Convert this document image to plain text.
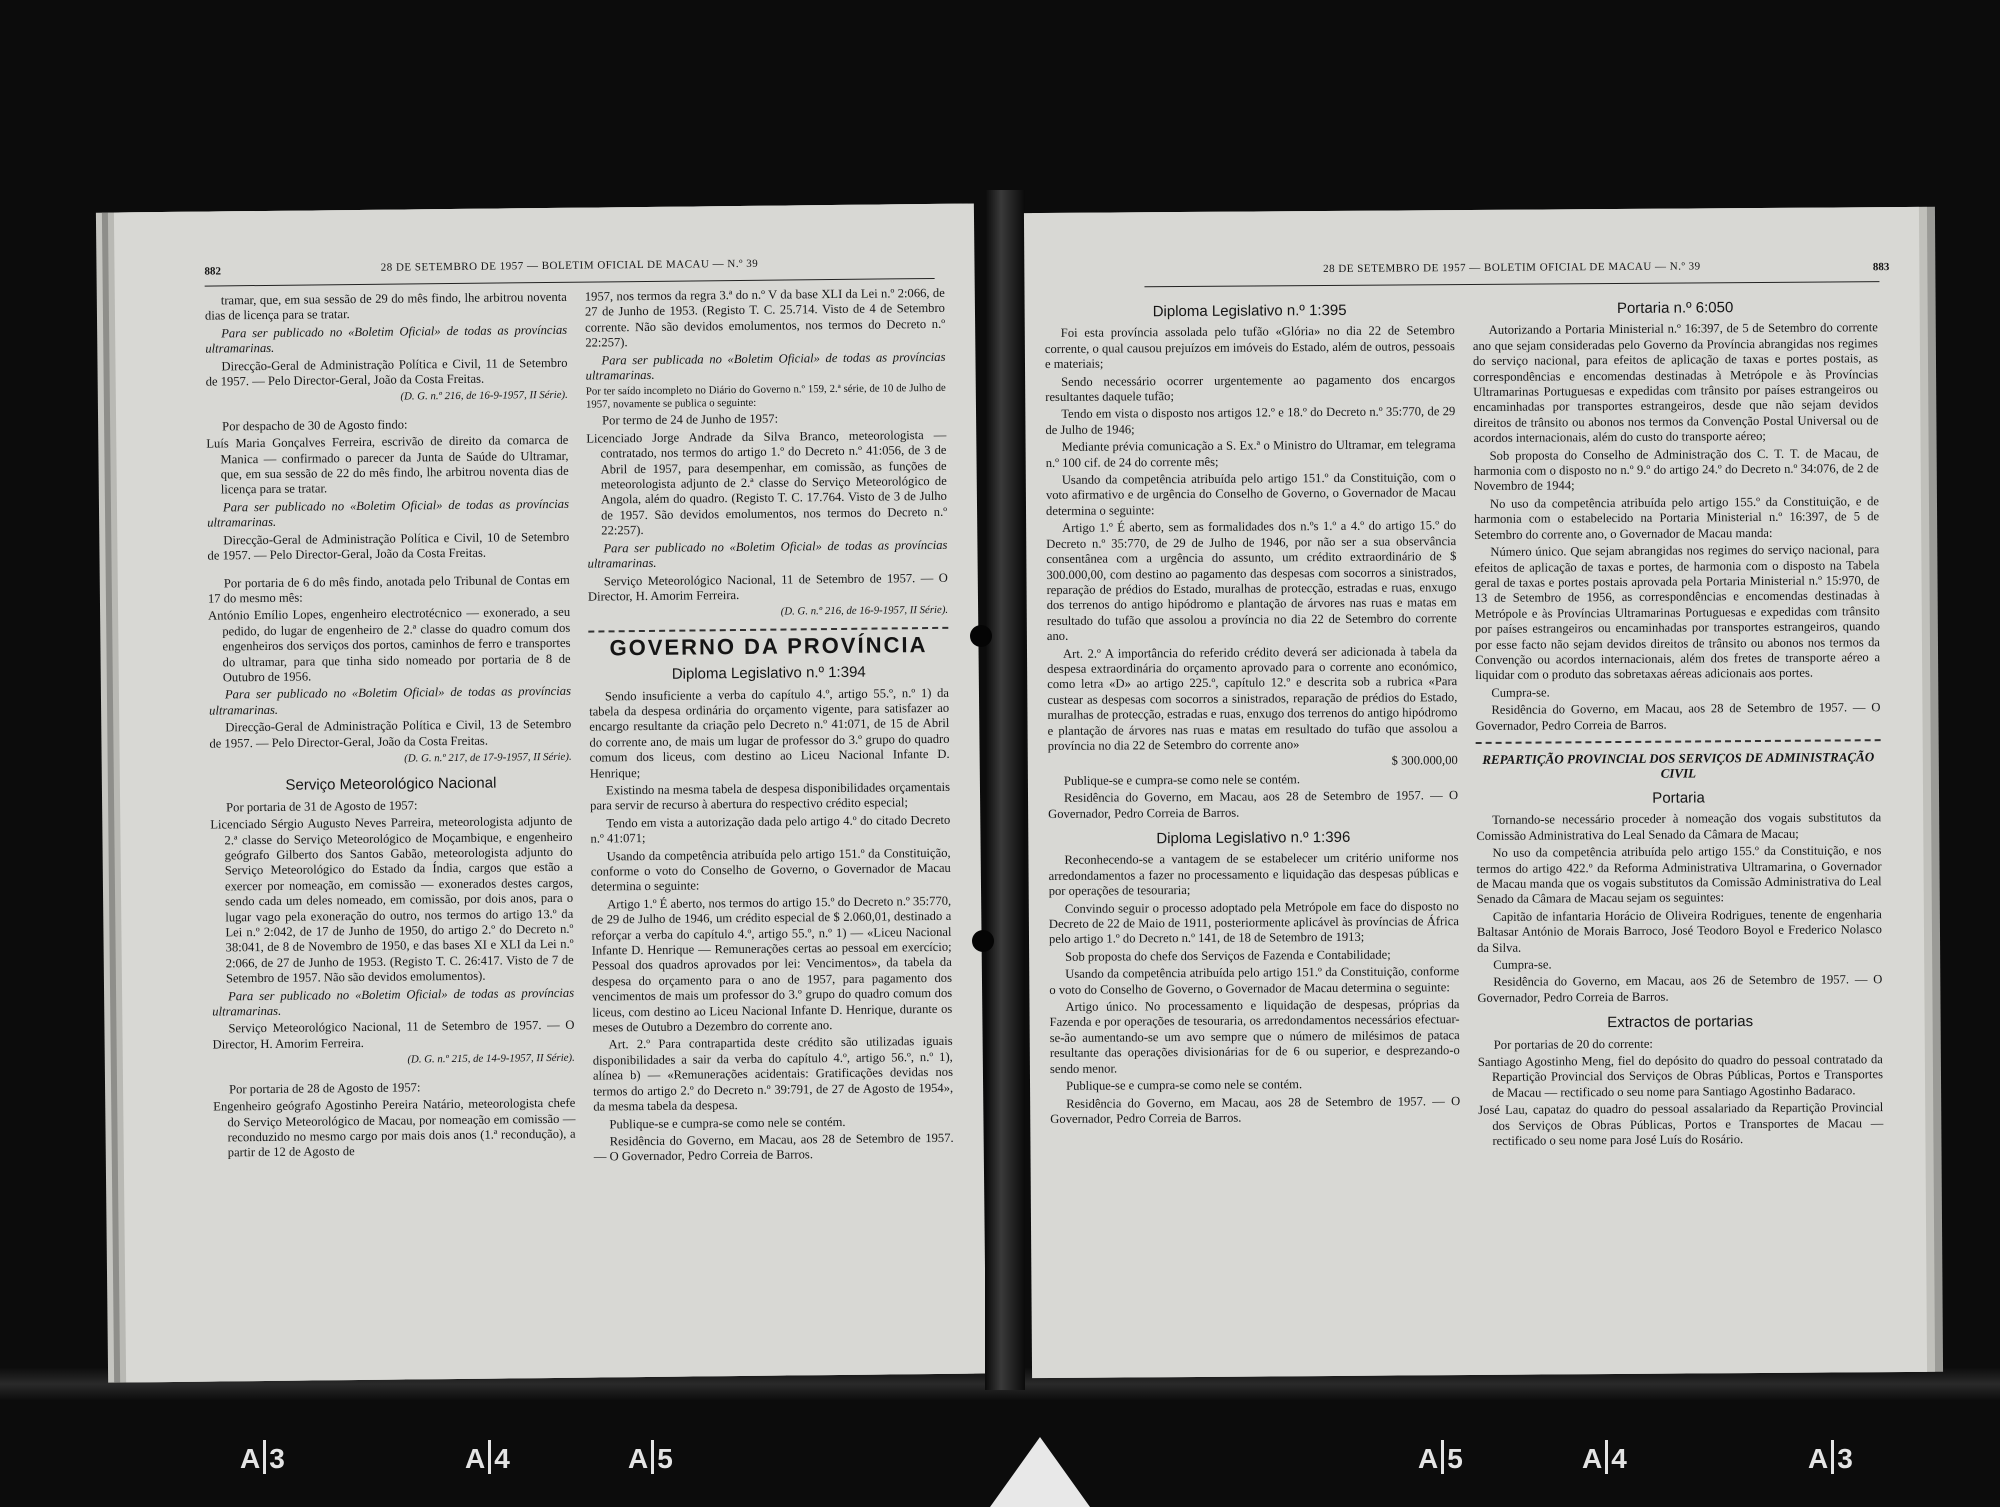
882	28 DE SETEMBRO DE 1957 — BOLETIM OFICIAL DE MACAU — N.º 39

tramar, que, em sua sessão de 29 do mês findo, lhe arbitrou noventa dias de licença para se tratar.

Para ser publicado no «Boletim Oficial» de todas as províncias ultramarinas.

Direcção-Geral de Administração Política e Civil, 11 de Setembro de 1957. — Pelo Director-Geral, João da Costa Freitas.

(D. G. n.º 216, de 16-9-1957, II Série).

Por despacho de 30 de Agosto findo:

Luís Maria Gonçalves Ferreira, escrivão de direito da comarca de Manica — confirmado o parecer da Junta de Saúde do Ultramar, que, em sua sessão de 22 do mês findo, lhe arbitrou noventa dias de licença para se tratar.

Para ser publicado no «Boletim Oficial» de todas as províncias ultramarinas.

Direcção-Geral de Administração Política e Civil, 10 de Setembro de 1957. — Pelo Director-Geral, João da Costa Freitas.

Por portaria de 6 do mês findo, anotada pelo Tribunal de Contas em 17 do mesmo mês:

António Emílio Lopes, engenheiro electrotécnico — exonerado, a seu pedido, do lugar de engenheiro de 2.ª classe do quadro comum dos engenheiros dos serviços dos portos, caminhos de ferro e transportes do ultramar, para que tinha sido nomeado por portaria de 8 de Outubro de 1956.

Para ser publicado no «Boletim Oficial» de todas as províncias ultramarinas.

Direcção-Geral de Administração Política e Civil, 13 de Setembro de 1957. — Pelo Director-Geral, João da Costa Freitas.

(D. G. n.º 217, de 17-9-1957, II Série).

Serviço Meteorológico Nacional

Por portaria de 31 de Agosto de 1957:

Licenciado Sérgio Augusto Neves Parreira, meteorologista adjunto de 2.ª classe do Serviço Meteorológico de Moçambique, e engenheiro geógrafo Gilberto dos Santos Gabão, meteorologista adjunto do Serviço Meteorológico do Estado da Índia, cargos que estão a exercer por nomeação, em comissão — exonerados destes cargos, sendo cada um deles nomeado, em comissão, por dois anos, para o lugar vago pela exoneração do outro, nos termos do artigo 13.º da Lei n.º 2:042, de 17 de Junho de 1950, do artigo 2.º do Decreto n.º 38:041, de 8 de Novembro de 1950, e das bases XI e XLI da Lei n.º 2:066, de 27 de Junho de 1953. (Registo T. C. 26:417. Visto de 7 de Setembro de 1957. Não são devidos emolumentos).

Para ser publicado no «Boletim Oficial» de todas as províncias ultramarinas.

Serviço Meteorológico Nacional, 11 de Setembro de 1957. — O Director, H. Amorim Ferreira.

(D. G. n.º 215, de 14-9-1957, II Série).

Por portaria de 28 de Agosto de 1957:

Engenheiro geógrafo Agostinho Pereira Natário, meteorologista chefe do Serviço Meteorológico de Macau, por nomeação em comissão — reconduzido no mesmo cargo por mais dois anos (1.ª recondução), a partir de 12 de Agosto de

1957, nos termos da regra 3.ª do n.º V da base XLI da Lei n.º 2:066, de 27 de Junho de 1953. (Registo T. C. 25.714. Visto de 4 de Setembro corrente. Não são devidos emolumentos, nos termos do Decreto n.º 22:257).

Para ser publicada no «Boletim Oficial» de todas as províncias ultramarinas.

Por ter saído incompleto no Diário do Governo n.º 159, 2.ª série, de 10 de Julho de 1957, novamente se publica o seguinte:

Por termo de 24 de Junho de 1957:

Licenciado Jorge Andrade da Silva Branco, meteorologista — contratado, nos termos do artigo 1.º do Decreto n.º 41:056, de 3 de Abril de 1957, para desempenhar, em comissão, as funções de meteorologista adjunto de 2.ª classe do Serviço Meteorológico de Angola, além do quadro. (Registo T. C. 17.764. Visto de 3 de Julho de 1957. São devidos emolumentos, nos termos do Decreto n.º 22:257).

Para ser publicado no «Boletim Oficial» de todas as províncias ultramarinas.

Serviço Meteorológico Nacional, 11 de Setembro de 1957. — O Director, H. Amorim Ferreira.

(D. G. n.º 216, de 16-9-1957, II Série).

GOVERNO DA PROVÍNCIA
Diploma Legislativo n.º 1:394

Sendo insuficiente a verba do capítulo 4.º, artigo 55.º, n.º 1) da tabela da despesa ordinária do orçamento vigente, para satisfazer ao encargo resultante da criação pelo Decreto n.º 41:071, de 15 de Abril do corrente ano, de mais um lugar de professor do 3.º grupo do quadro comum dos liceus, com destino ao Liceu Nacional Infante D. Henrique;

Existindo na mesma tabela de despesa disponibilidades orçamentais para servir de recurso à abertura do respectivo crédito especial;

Tendo em vista a autorização dada pelo artigo 4.º do citado Decreto n.º 41:071;

Usando da competência atribuída pelo artigo 151.º da Constituição, conforme o voto do Conselho de Governo, o Governador de Macau determina o seguinte:

Artigo 1.º É aberto, nos termos do artigo 15.º do Decreto n.º 35:770, de 29 de Julho de 1946, um crédito especial de $ 2.060,01, destinado a reforçar a verba do capítulo 4.º, artigo 55.º, n.º 1) — «Liceu Nacional Infante D. Henrique — Remunerações certas ao pessoal em exercício; Pessoal dos quadros aprovados por lei: Vencimentos», da tabela da despesa do orçamento para o ano de 1957, para pagamento dos vencimentos de mais um professor do 3.º grupo do quadro comum dos liceus, com destino ao Liceu Nacional Infante D. Henrique, durante os meses de Outubro a Dezembro do corrente ano.

Art. 2.º Para contrapartida deste crédito são utilizadas iguais disponibilidades a sair da verba do capítulo 4.º, artigo 56.º, n.º 1), alínea b) — «Remunerações acidentais: Gratificações devidas nos termos do artigo 2.º do Decreto n.º 39:791, de 27 de Agosto de 1954», da mesma tabela da despesa.

Publique-se e cumpra-se como nele se contém.

Residência do Governo, em Macau, aos 28 de Setembro de 1957. — O Governador, Pedro Correia de Barros.

883
28 DE SETEMBRO DE 1957 — BOLETIM OFICIAL DE MACAU — N.º 39
Diploma Legislativo n.º 1:395

Foi esta província assolada pelo tufão «Glória» no dia 22 de Setembro corrente, o qual causou prejuízos em imóveis do Estado, além de outros, pessoais e materiais;

Sendo necessário ocorrer urgentemente ao pagamento dos encargos resultantes daquele tufão;

Tendo em vista o disposto nos artigos 12.º e 18.º do Decreto n.º 35:770, de 29 de Julho de 1946;

Mediante prévia comunicação a S. Ex.ª o Ministro do Ultramar, em telegrama n.º 100 cif. de 24 do corrente mês;

Usando da competência atribuída pelo artigo 151.º da Constituição, com o voto afirmativo e de urgência do Conselho de Governo, o Governador de Macau determina o seguinte:

Artigo 1.º É aberto, sem as formalidades dos n.ºs 1.º a 4.º do artigo 15.º do Decreto n.º 35:770, de 29 de Julho de 1946, por não ser a sua observância consentânea com a urgência do assunto, um crédito extraordinário de $ 300.000,00, com destino ao pagamento das despesas com socorros a sinistrados, reparação de prédios do Estado, muralhas de protecção, estradas e ruas, enxugo dos terrenos do antigo hipódromo e plantação de árvores nas ruas e matas em resultado do tufão que assolou a província no dia 22 de Setembro do corrente ano.

Art. 2.º A importância do referido crédito deverá ser adicionada à tabela da despesa extraordinária do orçamento aprovado para o corrente ano económico, como letra «D» ao artigo 225.º, capítulo 12.º e descrita sob a rubrica «Para custear as despesas com socorros a sinistrados, reparação de prédios do Estado, muralhas de protecção, estradas e ruas, enxugo dos terrenos do antigo hipódromo e plantação de árvores nas ruas e matas em resultado do tufão que assolou a província no dia 22 de Setembro do corrente ano»

$ 300.000,00

Publique-se e cumpra-se como nele se contém.

Residência do Governo, em Macau, aos 28 de Setembro de 1957. — O Governador, Pedro Correia de Barros.

Diploma Legislativo n.º 1:396

Reconhecendo-se a vantagem de se estabelecer um critério uniforme nos arredondamentos a fazer no processamento e liquidação das despesas públicas e por operações de tesouraria;

Convindo seguir o processo adoptado pela Metrópole em face do disposto no Decreto de 22 de Maio de 1911, posteriormente aplicável às províncias de África pelo artigo 1.º do Decreto n.º 141, de 18 de Setembro de 1913;

Sob proposta do chefe dos Serviços de Fazenda e Contabilidade;

Usando da competência atribuída pelo artigo 151.º da Constituição, conforme o voto do Conselho de Governo, o Governador de Macau determina o seguinte:

Artigo único. No processamento e liquidação de despesas, próprias da Fazenda e por operações de tesouraria, os arredondamentos necessários efectuar-se-ão aumentando-se um avo sempre que o número de milésimos de pataca resultante das operações divisionárias for de 6 ou superior, e desprezando-o sendo menor.

Publique-se e cumpra-se como nele se contém.

Residência do Governo, em Macau, aos 28 de Setembro de 1957. — O Governador, Pedro Correia de Barros.

Portaria n.º 6:050

Autorizando a Portaria Ministerial n.º 16:397, de 5 de Setembro do corrente ano que sejam consideradas pelo Governo da Província abrangidas nos regimes do serviço nacional, para efeitos de aplicação de taxas e portes postais, as correspondências e encomendas destinadas à Metrópole e às Províncias Ultramarinas Portuguesas e expedidas com trânsito por países estrangeiros ou encaminhadas por transportes estrangeiros, desde que não sejam devidos direitos de trânsito ou abonos nos termos da Convenção Postal Universal ou de acordos internacionais, além do custo do transporte aéreo;

Sob proposta do Conselho de Administração dos C. T. T. de Macau, de harmonia com o disposto no n.º 9.º do artigo 24.º do Decreto n.º 34:076, de 2 de Novembro de 1944;

No uso da competência atribuída pelo artigo 155.º da Constituição, e de harmonia com o estabelecido na Portaria Ministerial n.º 16:397, de 5 de Setembro do corrente ano, o Governador de Macau manda:

Número único. Que sejam abrangidas nos regimes do serviço nacional, para efeitos de aplicação de taxas e portes, de harmonia com o disposto na Tabela geral de taxas e portes postais aprovada pela Portaria Ministerial n.º 15:970, de 13 de Setembro de 1956, as correspondências e encomendas destinadas à Metrópole e às Províncias Ultramarinas Portuguesas e expedidas com trânsito por países estrangeiros ou encaminhadas por transportes estrangeiros, quando por esse facto não sejam devidos direitos de trânsito ou abonos nos termos da Convenção ou acordos internacionais, além dos fretes de transporte aéreo a liquidar com o produto das sobretaxas aéreas adicionais aos portes.

Cumpra-se.

Residência do Governo, em Macau, aos 28 de Setembro de 1957. — O Governador, Pedro Correia de Barros.

REPARTIÇÃO PROVINCIAL DOS SERVIÇOS DE ADMINISTRAÇÃO CIVIL
Portaria

Tornando-se necessário proceder à nomeação dos vogais substitutos da Comissão Administrativa do Leal Senado da Câmara de Macau;

No uso da competência atribuída pelo artigo 155.º da Constituição, e nos termos do artigo 422.º da Reforma Administrativa Ultramarina, o Governador de Macau manda que os vogais substitutos da Comissão Administrativa do Leal Senado da Câmara de Macau sejam os seguintes:

Capitão de infantaria Horácio de Oliveira Rodrigues, tenente de engenharia Baltasar António de Morais Barroco, José Teodoro Boyol e Frederico Nolasco da Silva.

Cumpra-se.

Residência do Governo, em Macau, aos 26 de Setembro de 1957. — O Governador, Pedro Correia de Barros.

Extractos de portarias

Por portarias de 20 do corrente:

Santiago Agostinho Meng, fiel do depósito do quadro do pessoal contratado da Repartição Provincial dos Serviços de Obras Públicas, Portos e Transportes de Macau — rectificado o seu nome para Santiago Agostinho Badaraco.

José Lau, capataz do quadro do pessoal assalariado da Repartição Provincial dos Serviços de Obras Públicas, Portos e Transportes de Macau — rectificado o seu nome para José Luís do Rosário.

A 3	A 4	A 5	A 5	A 4	A 3
